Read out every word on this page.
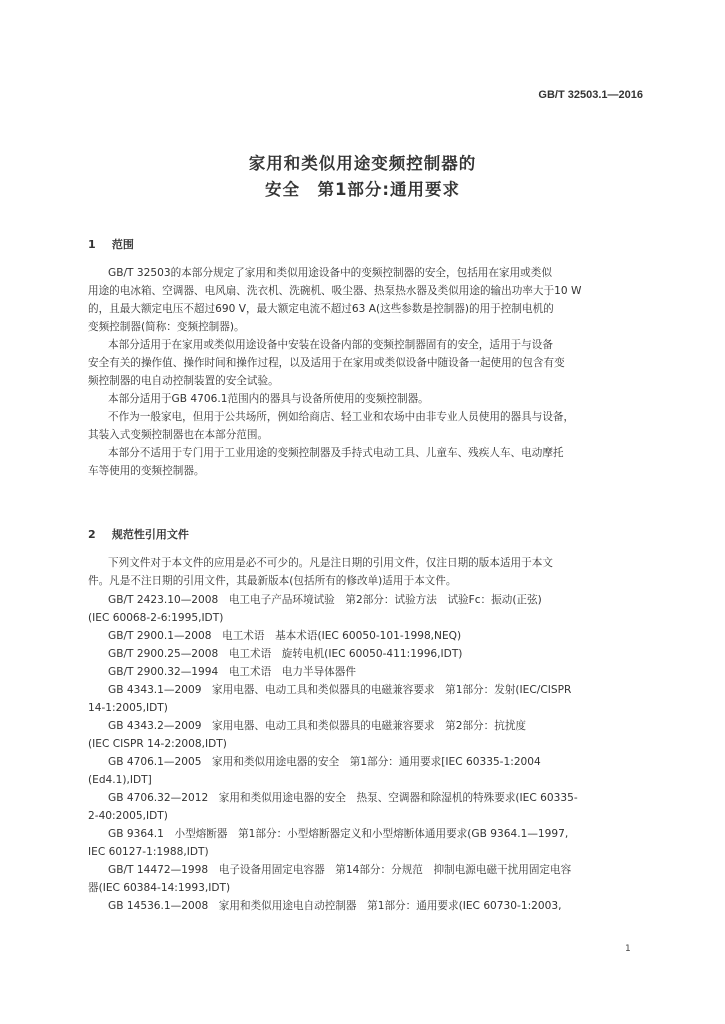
GB/T 32503.1—2016
家用和类似用途变频控制器的
安全　第1部分:通用要求
1 范围
GB/T 32503的本部分规定了家用和类似用途设备中的变频控制器的安全，包括用在家用或类似
用途的电冰箱、空调器、电风扇、洗衣机、洗碗机、吸尘器、热泵热水器及类似用途的输出功率大于10 W
的，且最大额定电压不超过690 V，最大额定电流不超过63 A(这些参数是控制器)的用于控制电机的
变频控制器(简称：变频控制器)。
本部分适用于在家用或类似用途设备中安装在设备内部的变频控制器固有的安全，适用于与设备
安全有关的操作值、操作时间和操作过程，以及适用于在家用或类似设备中随设备一起使用的包含有变
频控制器的电自动控制装置的安全试验。
本部分适用于GB 4706.1范围内的器具与设备所使用的变频控制器。
不作为一般家电，但用于公共场所，例如给商店、轻工业和农场中由非专业人员使用的器具与设备，
其装入式变频控制器也在本部分范围。
本部分不适用于专门用于工业用途的变频控制器及手持式电动工具、儿童车、残疾人车、电动摩托
车等使用的变频控制器。
2 规范性引用文件
下列文件对于本文件的应用是必不可少的。凡是注日期的引用文件，仅注日期的版本适用于本文
件。凡是不注日期的引用文件，其最新版本(包括所有的修改单)适用于本文件。
GB/T 2423.10—2008　电工电子产品环境试验　第2部分：试验方法　试验Fc：振动(正弦)
(IEC 60068-2-6:1995,IDT)
GB/T 2900.1—2008　电工术语　基本术语(IEC 60050-101-1998,NEQ)
GB/T 2900.25—2008　电工术语　旋转电机(IEC 60050-411:1996,IDT)
GB/T 2900.32—1994　电工术语　电力半导体器件
GB 4343.1—2009　家用电器、电动工具和类似器具的电磁兼容要求　第1部分：发射(IEC/CISPR
14-1:2005,IDT)
GB 4343.2—2009　家用电器、电动工具和类似器具的电磁兼容要求　第2部分：抗扰度
(IEC CISPR 14-2:2008,IDT)
GB 4706.1—2005　家用和类似用途电器的安全　第1部分：通用要求[IEC 60335-1:2004
(Ed4.1),IDT]
GB 4706.32—2012　家用和类似用途电器的安全　热泵、空调器和除湿机的特殊要求(IEC 60335-
2-40:2005,IDT)
GB 9364.1　小型熔断器　第1部分：小型熔断器定义和小型熔断体通用要求(GB 9364.1—1997,
IEC 60127-1:1988,IDT)
GB/T 14472—1998　电子设备用固定电容器　第14部分：分规范　抑制电源电磁干扰用固定电容
器(IEC 60384-14:1993,IDT)
GB 14536.1—2008　家用和类似用途电自动控制器　第1部分：通用要求(IEC 60730-1:2003,
1
